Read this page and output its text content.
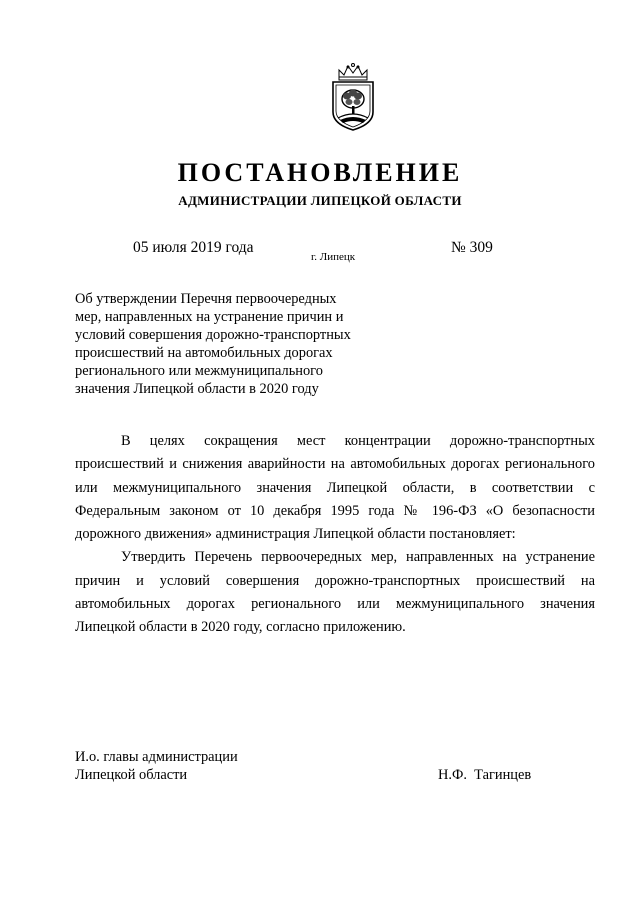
ПОСТАНОВЛЕНИЕ
АДМИНИСТРАЦИИ ЛИПЕЦКОЙ ОБЛАСТИ
05 июля 2019 года
г. Липецк
№ 309
Об утверждении Перечня первоочередных
мер, направленных на устранение причин и
условий совершения дорожно-транспортных
происшествий на автомобильных дорогах
регионального или межмуниципального
значения Липецкой области в 2020 году

В целях сокращения мест концентрации дорожно-транспортных происшествий и снижения аварийности на автомобильных дорогах регионального или межмуниципального значения Липецкой области, в соответствии с Федеральным законом от 10 декабря 1995 года № 196-ФЗ «О безопасности дорожного движения» администрация Липецкой области постановляет:

Утвердить Перечень первоочередных мер, направленных на устранение причин и условий совершения дорожно-транспортных происшествий на автомобильных дорогах регионального или межмуниципального значения Липецкой области в 2020 году, согласно приложению.

И.о. главы администрации
Липецкой области	Н.Ф.  Тагинцев
